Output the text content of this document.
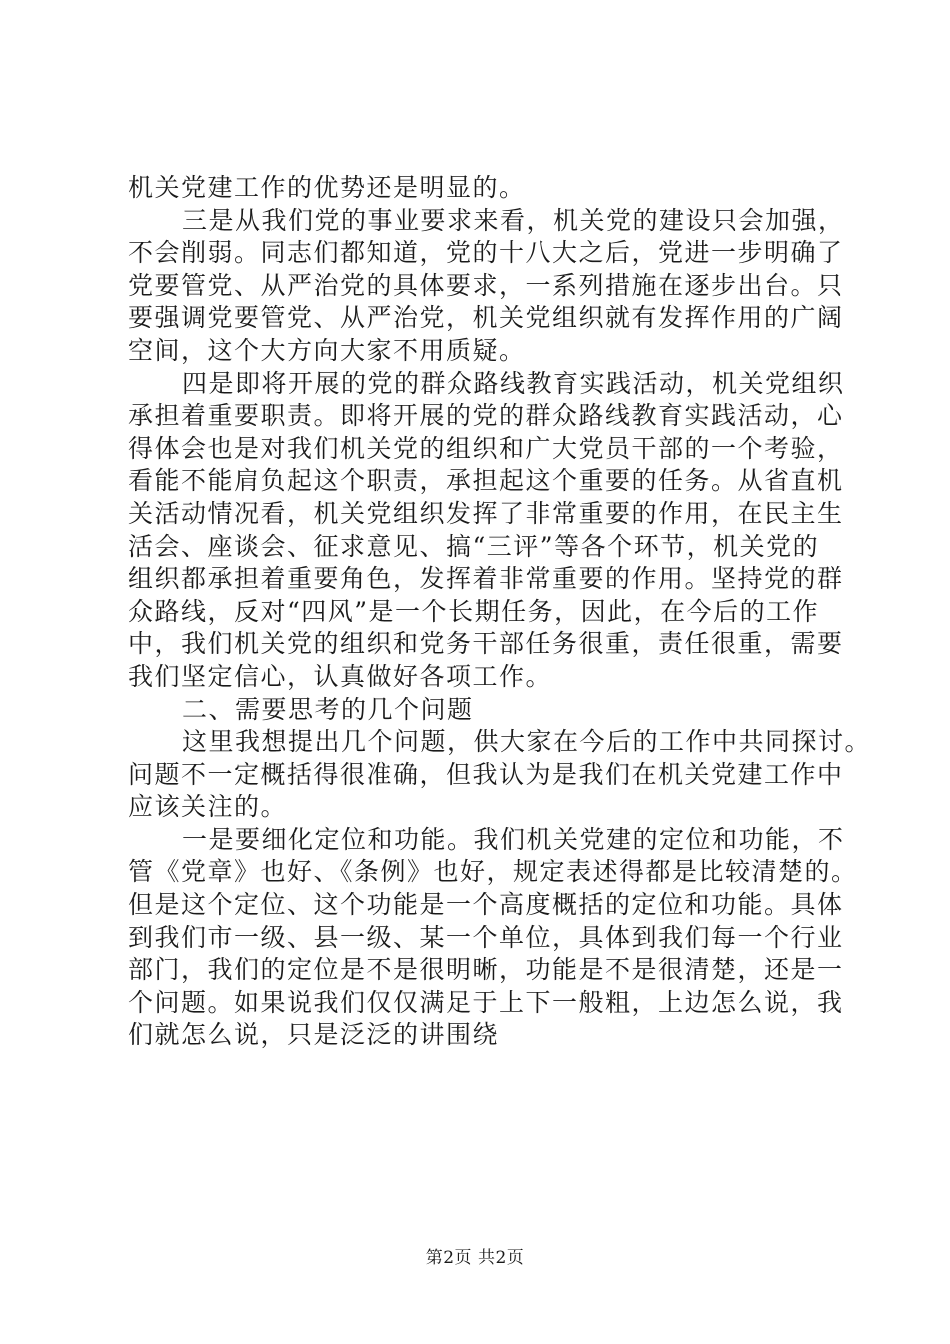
机关党建工作的优势还是明显的。
三是从我们党的事业要求来看，机关党的建设只会加强，
不会削弱。同志们都知道，党的十八大之后，党进一步明确了
党要管党、从严治党的具体要求，一系列措施在逐步出台。只
要强调党要管党、从严治党，机关党组织就有发挥作用的广阔
空间，这个大方向大家不用质疑。
四是即将开展的党的群众路线教育实践活动，机关党组织
承担着重要职责。即将开展的党的群众路线教育实践活动，心
得体会也是对我们机关党的组织和广大党员干部的一个考验，
看能不能肩负起这个职责，承担起这个重要的任务。从省直机
关活动情况看，机关党组织发挥了非常重要的作用，在民主生
活会、座谈会、征求意见、搞“三评”等各个环节，机关党的
组织都承担着重要角色，发挥着非常重要的作用。坚持党的群
众路线，反对“四风”是一个长期任务，因此，在今后的工作
中，我们机关党的组织和党务干部任务很重，责任很重，需要
我们坚定信心，认真做好各项工作。
二、需要思考的几个问题
这里我想提出几个问题，供大家在今后的工作中共同探讨。
问题不一定概括得很准确，但我认为是我们在机关党建工作中
应该关注的。
一是要细化定位和功能。我们机关党建的定位和功能，不
管《党章》也好、《条例》也好，规定表述得都是比较清楚的。
但是这个定位、这个功能是一个高度概括的定位和功能。具体
到我们市一级、县一级、某一个单位，具体到我们每一个行业
部门，我们的定位是不是很明晰，功能是不是很清楚，还是一
个问题。如果说我们仅仅满足于上下一般粗，上边怎么说，我
们就怎么说，只是泛泛的讲围绕
第2页 共2页
